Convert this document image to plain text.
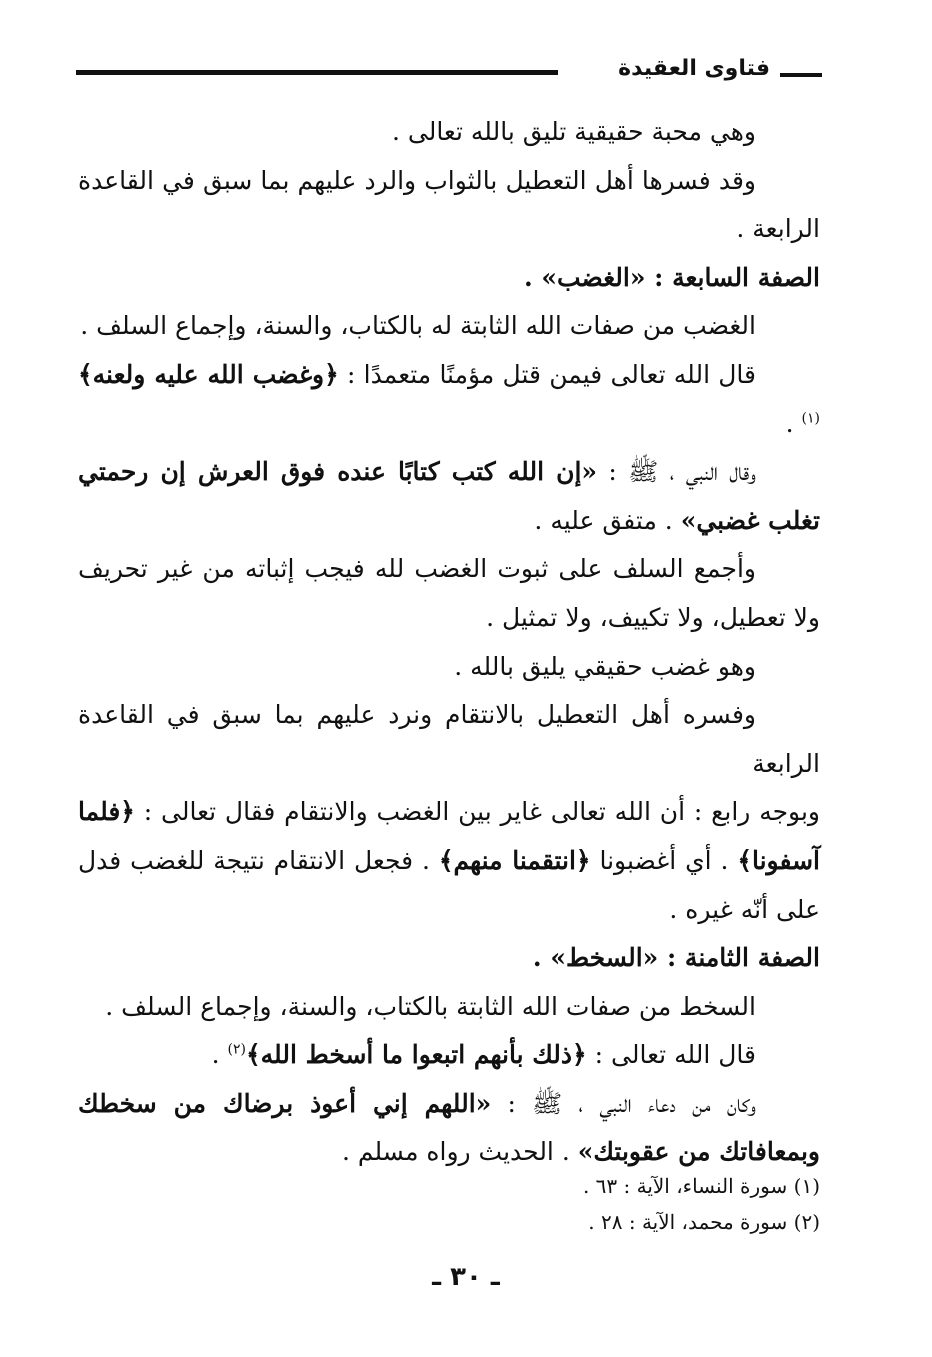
فتاوى العقيدة

وهي محبة حقيقية تليق بالله تعالى .

وقد فسرها أهل التعطيل بالثواب والرد عليهم بما سبق في القاعدة الرابعة .

الصفة السابعة : «الغضب» .

الغضب من صفات الله الثابتة له بالكتاب، والسنة، وإجماع السلف .

قال الله تعالى فيمن قتل مؤمنًا متعمدًا : ﴿وغضب الله عليه ولعنه﴾$^{(١)}$ .

وقال النبي ، ﷺ : «إن الله كتب كتابًا عنده فوق العرش إن رحمتي تغلب غضبي» . متفق عليه .

وأجمع السلف على ثبوت الغضب لله فيجب إثباته من غير تحريف ولا تعطيل، ولا تكييف، ولا تمثيل .

وهو غضب حقيقي يليق بالله .

وفسره أهل التعطيل بالانتقام ونرد عليهم بما سبق في القاعدة الرابعة

وبوجه رابع : أن الله تعالى غاير بين الغضب والانتقام فقال تعالى : ﴿فلما آسفونا﴾ . أي أغضبونا ﴿انتقمنا منهم﴾ . فجعل الانتقام نتيجة للغضب فدل على أنّه غيره .

الصفة الثامنة : «السخط» .

السخط من صفات الله الثابتة بالكتاب، والسنة، وإجماع السلف .

قال الله تعالى : ﴿ذلك بأنهم اتبعوا ما أسخط الله﴾$^{(٢)}$ .

وكان من دعاء النبي ، ﷺ : «اللهم إني أعوذ برضاك من سخطك وبمعافاتك من عقوبتك» . الحديث رواه مسلم .

(١) سورة النساء، الآية : ٦٣ .

(٢) سورة محمد، الآية : ٢٨ .

ـ ٣٠ ـ
